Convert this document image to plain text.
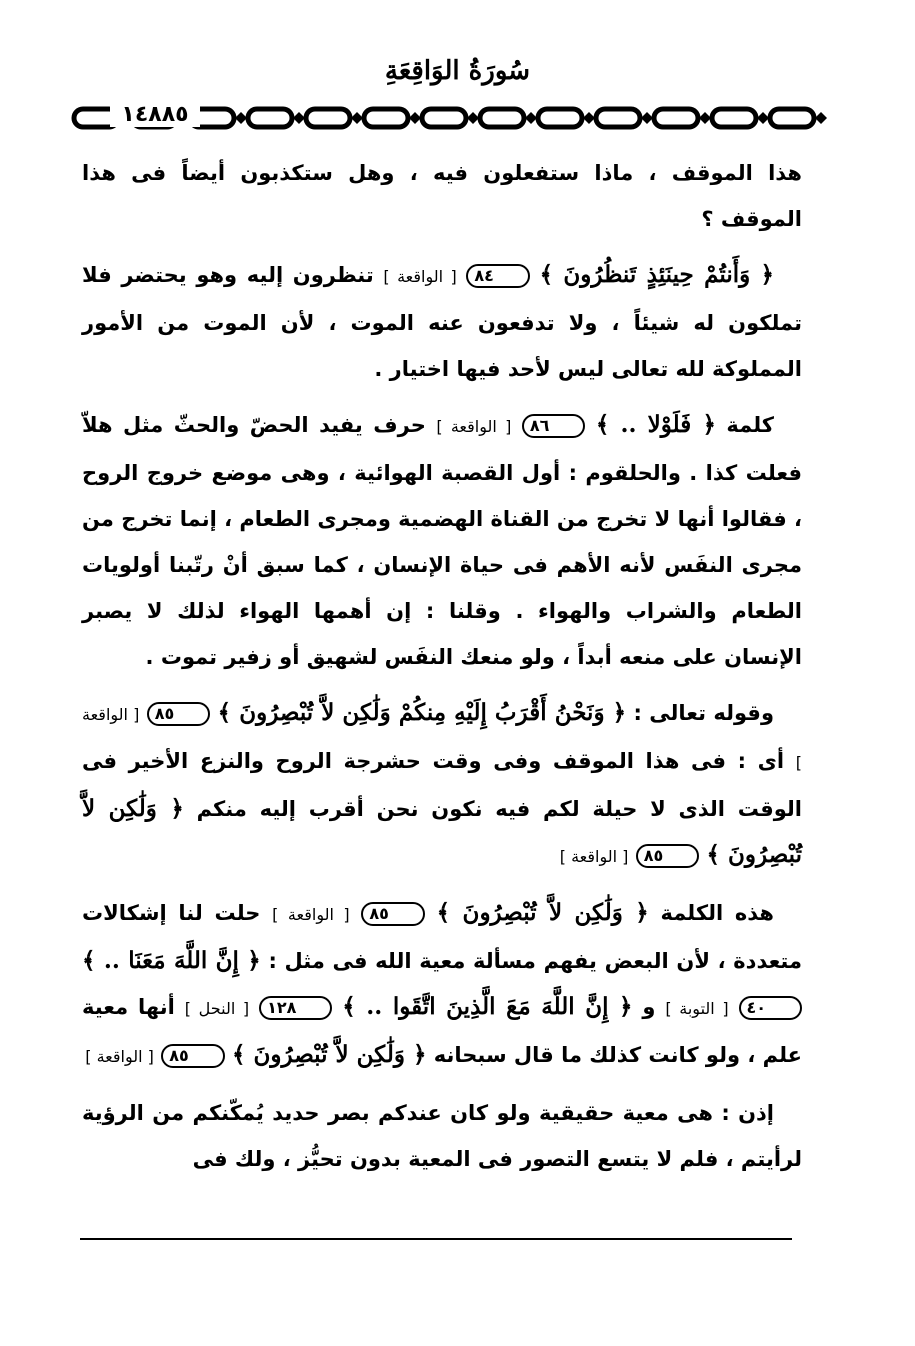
سُورَةُ الوَاقِعَةِ
١٤٨٨٥

هذا الموقف ، ماذا ستفعلون فيه ، وهل ستكذبون أيضاً فى هذا الموقف ؟

﴿ وَأَنتُمْ حِينَئِذٍ تَنظُرُونَ ﴾ ٨٤ [ الواقعة ] تنظرون إليه وهو يحتضر فلا تملكون له شيئاً ، ولا تدفعون عنه الموت ، لأن الموت من الأمور المملوكة لله تعالى ليس لأحد فيها اختيار .

كلمة ﴿ فَلَوْلا .. ﴾ ٨٦ [ الواقعة ] حرف يفيد الحضّ والحثّ مثل هلاّ فعلت كذا . والحلقوم : أول القصبة الهوائية ، وهى موضع خروج الروح ، فقالوا أنها لا تخرج من القناة الهضمية ومجرى الطعام ، إنما تخرج من مجرى النفَس لأنه الأهم فى حياة الإنسان ، كما سبق أنْ رتّبنا أولويات الطعام والشراب والهواء . وقلنا : إن أهمها الهواء لذلك لا يصبر الإنسان على منعه أبداً ، ولو منعك النفَس لشهيق أو زفير تموت .

وقوله تعالى : ﴿ وَنَحْنُ أَقْرَبُ إِلَيْهِ مِنكُمْ وَلَٰكِن لاَّ تُبْصِرُونَ ﴾ ٨٥ [ الواقعة ] أى : فى هذا الموقف وفى وقت حشرجة الروح والنزع الأخير فى الوقت الذى لا حيلة لكم فيه نكون نحن أقرب إليه منكم ﴿ وَلَٰكِن لاَّ تُبْصِرُونَ ﴾ ٨٥ [ الواقعة ]

هذه الكلمة ﴿ وَلَٰكِن لاَّ تُبْصِرُونَ ﴾ ٨٥ [ الواقعة ] حلت لنا إشكالات متعددة ، لأن البعض يفهم مسألة معية الله فى مثل : ﴿ إِنَّ اللَّهَ مَعَنَا .. ﴾ ٤٠ [ التوبة ] و ﴿ إِنَّ اللَّهَ مَعَ الَّذِينَ اتَّقَوا .. ﴾ ١٢٨ [ النحل ] أنها معية علم ، ولو كانت كذلك ما قال سبحانه ﴿ وَلَٰكِن لاَّ تُبْصِرُونَ ﴾ ٨٥ [ الواقعة ]

إذن : هى معية حقيقية ولو كان عندكم بصر حديد يُمكّنكم من الرؤية لرأيتم ، فلم لا يتسع التصور فى المعية بدون تحيُّز ، ولك فى
